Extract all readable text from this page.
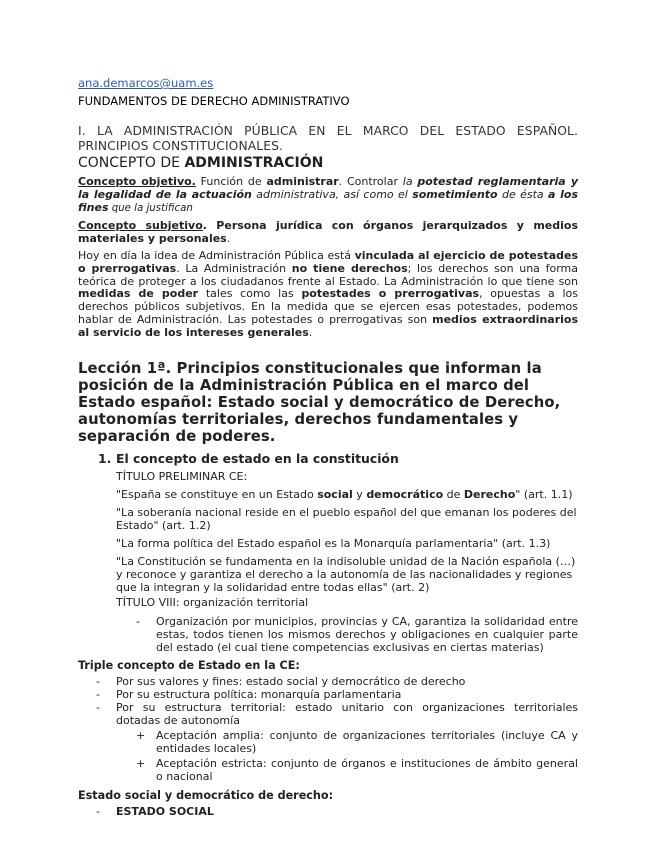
ana.demarcos@uam.es
FUNDAMENTOS DE DERECHO ADMINISTRATIVO
I. LA ADMINISTRACIÓN PÚBLICA EN EL MARCO DEL ESTADO ESPAÑOL. PRINCIPIOS CONSTITUCIONALES.
CONCEPTO DE ADMINISTRACIÓN

Concepto objetivo. Función de administrar. Controlar la potestad reglamentaria y la legalidad de la actuación administrativa, así como el sometimiento de ésta a los fines que la justifican

Concepto subjetivo. Persona jurídica con órganos jerarquizados y medios materiales y personales.

Hoy en día la idea de Administración Pública está vinculada al ejercicio de potestades o prerrogativas. La Administración no tiene derechos; los derechos son una forma teórica de proteger a los ciudadanos frente al Estado. La Administración lo que tiene son medidas de poder tales como las potestades o prerrogativas, opuestas a los derechos públicos subjetivos. En la medida que se ejercen esas potestades, podemos hablar de Administración. Las potestades o prerrogativas son medios extraordinarios al servicio de los intereses generales.

Lección 1ª. Principios constitucionales que informan la posición de la Administración Pública en el marco del Estado español: Estado social y democrático de Derecho, autonomías territoriales, derechos fundamentales y separación de poderes.
1. El concepto de estado en la constitución
TÍTULO PRELIMINAR CE:
"España se constituye en un Estado social y democrático de Derecho" (art. 1.1)
"La soberanía nacional reside en el pueblo español del que emanan los poderes del Estado" (art. 1.2)
"La forma política del Estado español es la Monarquía parlamentaria" (art. 1.3)
"La Constitución se fundamenta en la indisoluble unidad de la Nación española (…) y reconoce y garantiza el derecho a la autonomía de las nacionalidades y regiones que la integran y la solidaridad entre todas ellas" (art. 2)
TÍTULO VIII: organización territorial
- Organización por municipios, provincias y CA, garantiza la solidaridad entre estas, todos tienen los mismos derechos y obligaciones en cualquier parte del estado (el cual tiene competencias exclusivas en ciertas materias)
Triple concepto de Estado en la CE:
- Por sus valores y fines: estado social y democrático de derecho
- Por su estructura política: monarquía parlamentaria
- Por su estructura territorial: estado unitario con organizaciones territoriales dotadas de autonomía
+ Aceptación amplia: conjunto de organizaciones territoriales (incluye CA y entidades locales)
+ Aceptación estricta: conjunto de órganos e instituciones de ámbito general o nacional
Estado social y democrático de derecho:
- ESTADO SOCIAL
